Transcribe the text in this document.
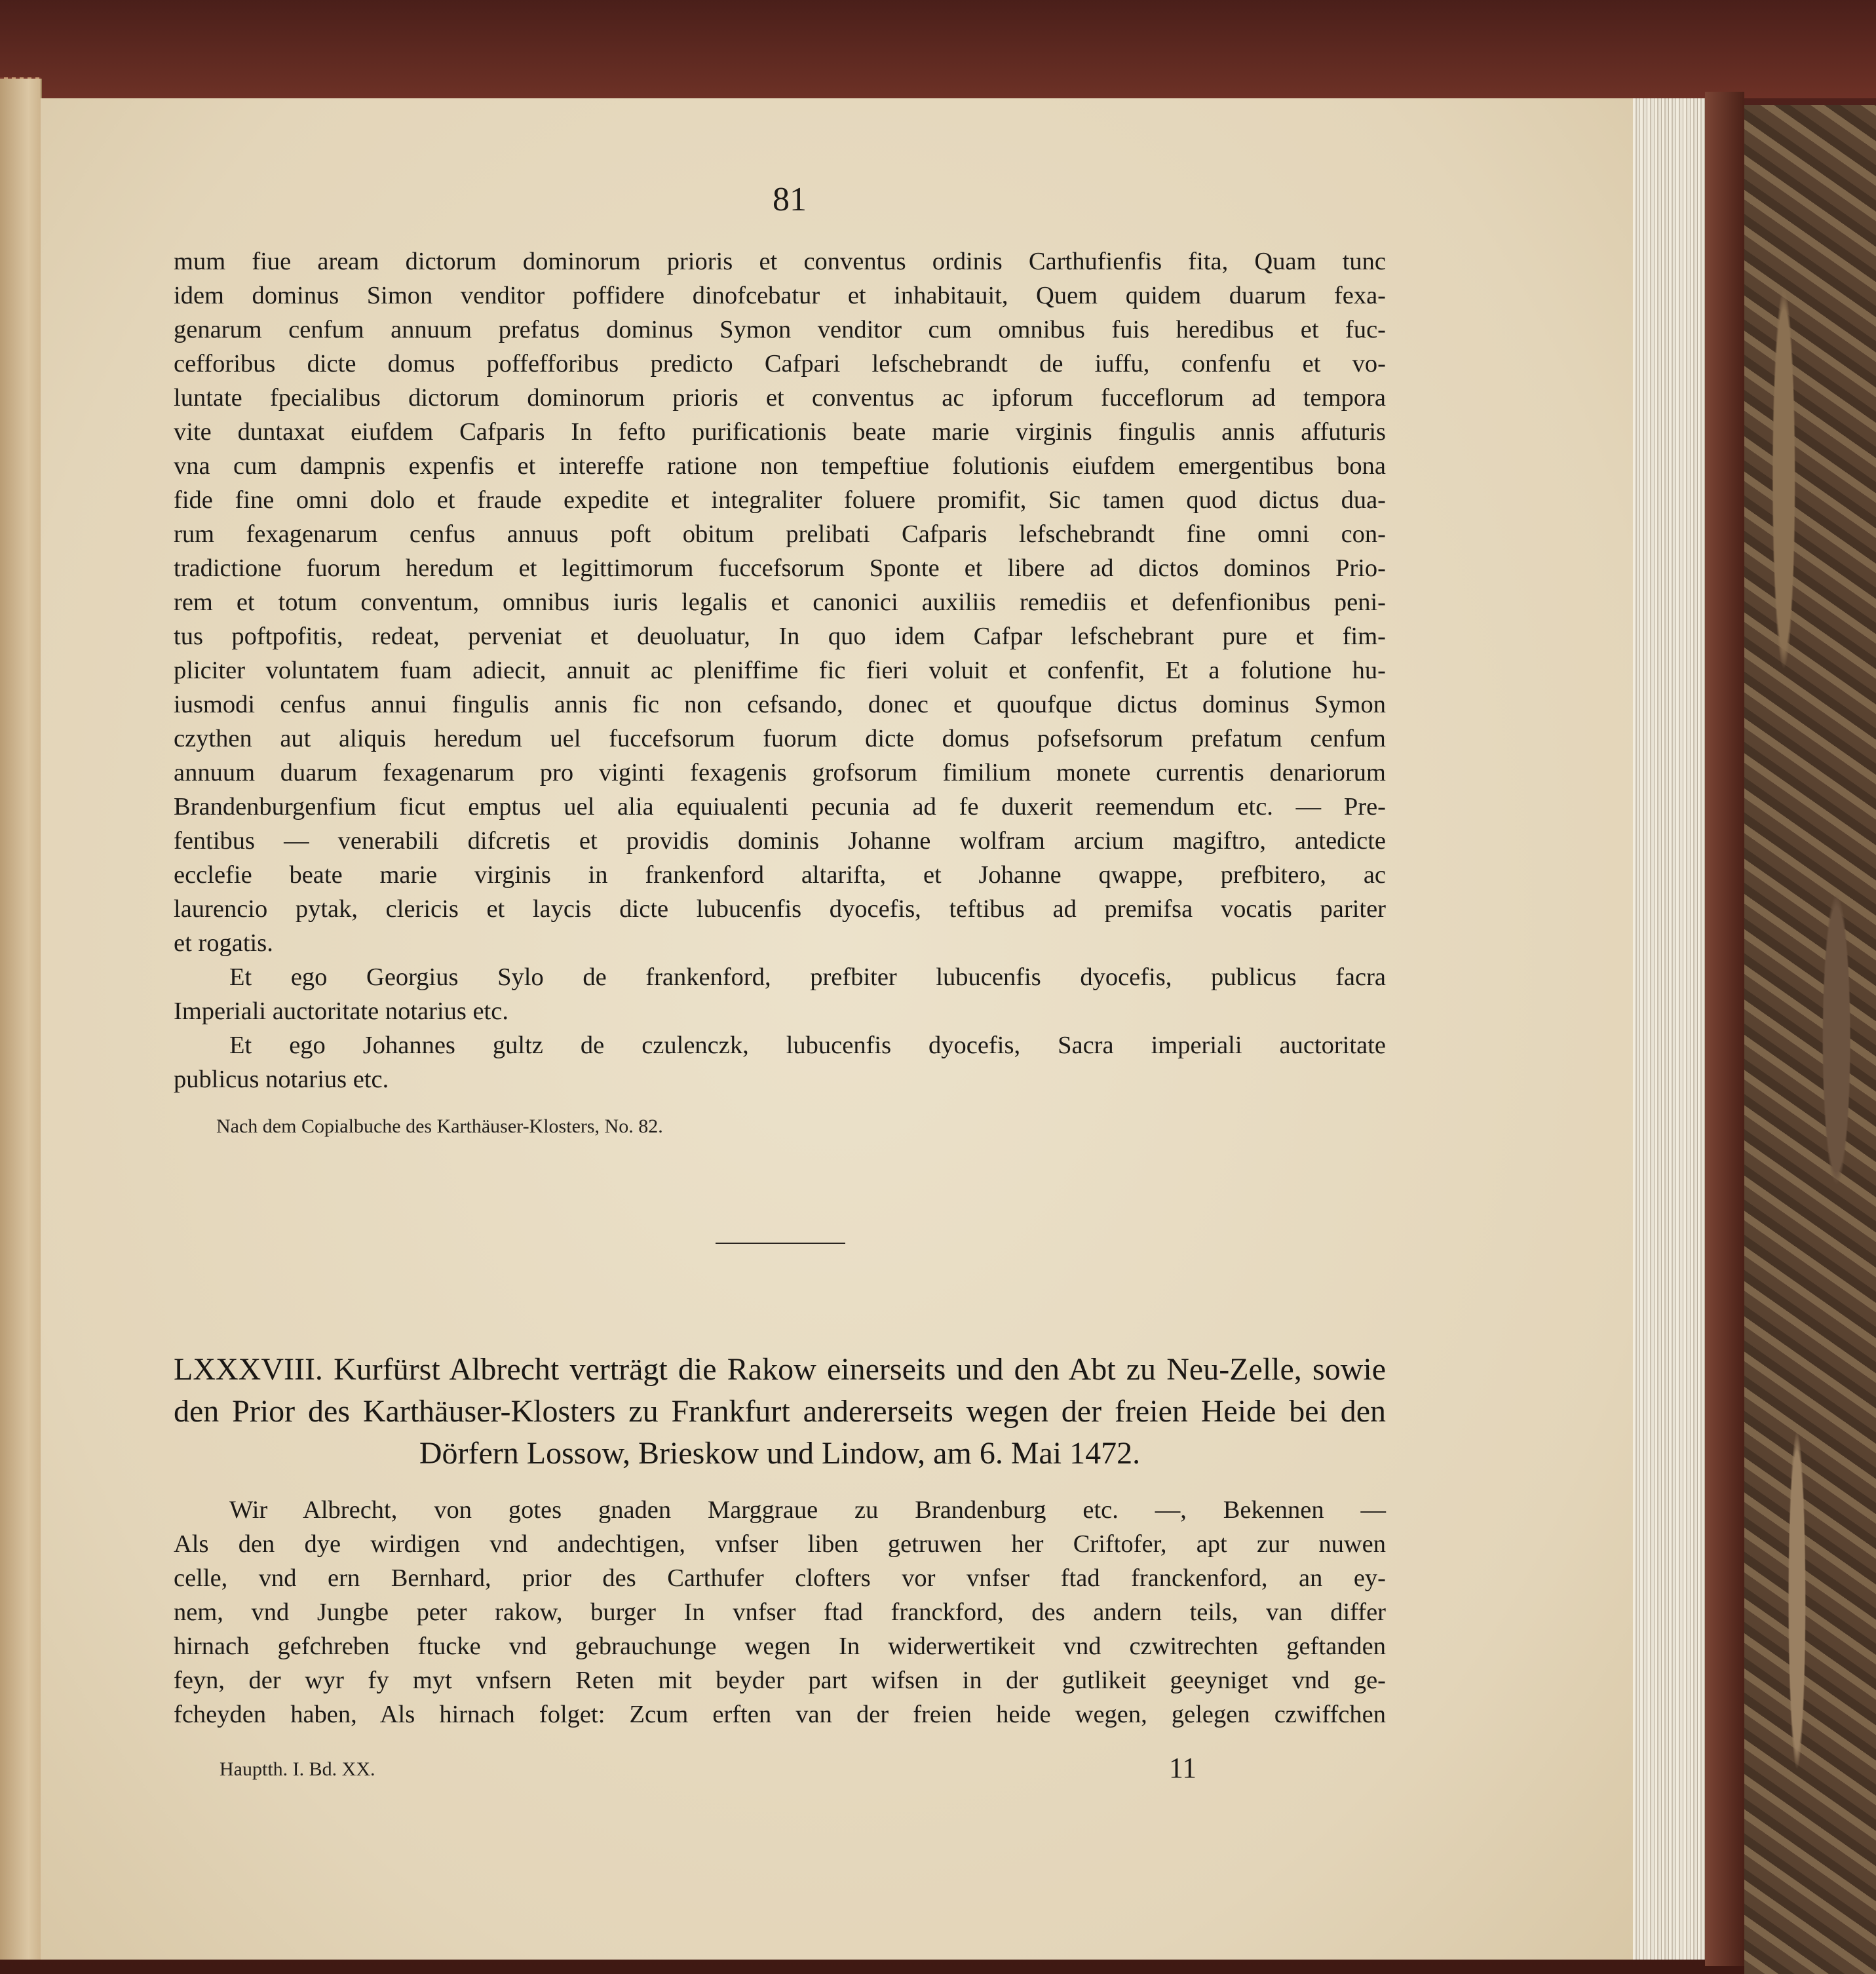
81
mum fiue aream dictorum dominorum prioris et conventus ordinis Carthufienfis fita, Quam tunc
idem dominus Simon venditor poffidere dinofcebatur et inhabitauit, Quem quidem duarum fexa-
genarum cenfum annuum prefatus dominus Symon venditor cum omnibus fuis heredibus et fuc-
cefforibus dicte domus poffefforibus predicto Cafpari lefschebrandt de iuffu, confenfu et vo-
luntate fpecialibus dictorum dominorum prioris et conventus ac ipforum fucceflorum ad tempora
vite duntaxat eiufdem Cafparis In fefto purificationis beate marie virginis fingulis annis affuturis
vna cum dampnis expenfis et intereffe ratione non tempeftiue folutionis eiufdem emergentibus bona
fide fine omni dolo et fraude expedite et integraliter foluere promifit, Sic tamen quod dictus dua-
rum fexagenarum cenfus annuus poft obitum prelibati Cafparis lefschebrandt fine omni con-
tradictione fuorum heredum et legittimorum fuccefsorum Sponte et libere ad dictos dominos Prio-
rem et totum conventum, omnibus iuris legalis et canonici auxiliis remediis et defenfionibus peni-
tus poftpofitis, redeat, perveniat et deuoluatur, In quo idem Cafpar lefschebrant pure et fim-
pliciter voluntatem fuam adiecit, annuit ac pleniffime fic fieri voluit et confenfit, Et a folutione hu-
iusmodi cenfus annui fingulis annis fic non cefsando, donec et quoufque dictus dominus Symon
czythen aut aliquis heredum uel fuccefsorum fuorum dicte domus pofsefsorum prefatum cenfum
annuum duarum fexagenarum pro viginti fexagenis grofsorum fimilium monete currentis denariorum
Brandenburgenfium ficut emptus uel alia equiualenti pecunia ad fe duxerit reemendum etc. — Pre-
fentibus — venerabili difcretis et providis dominis Johanne wolfram arcium magiftro, antedicte
ecclefie beate marie virginis in frankenford altarifta, et Johanne qwappe, prefbitero, ac
laurencio pytak, clericis et laycis dicte lubucenfis dyocefis, teftibus ad premifsa vocatis pariter
et rogatis.
Et ego Georgius Sylo de frankenford, prefbiter lubucenfis dyocefis, publicus facra
Imperiali auctoritate notarius etc.
Et ego Johannes gultz de czulenczk, lubucenfis dyocefis, Sacra imperiali auctoritate
publicus notarius etc.
Nach dem Copialbuche des Karthäuser-Klosters, No. 82.
LXXXVIII. Kurfürst Albrecht verträgt die Rakow einerseits und den Abt zu Neu-Zelle, sowie
den Prior des Karthäuser-Klosters zu Frankfurt andererseits wegen der freien Heide bei den
Dörfern Lossow, Brieskow und Lindow, am 6. Mai 1472.
Wir Albrecht, von gotes gnaden Marggraue zu Brandenburg etc. —, Bekennen —
Als den dye wirdigen vnd andechtigen, vnfser liben getruwen her Criftofer, apt zur nuwen
celle, vnd ern Bernhard, prior des Carthufer clofters vor vnfser ftad franckenford, an ey-
nem, vnd Jungbe peter rakow, burger In vnfser ftad franckford, des andern teils, van differ
hirnach gefchreben ftucke vnd gebrauchunge wegen In widerwertikeit vnd czwitrechten geftanden
feyn, der wyr fy myt vnfsern Reten mit beyder part wifsen in der gutlikeit geeyniget vnd ge-
fcheyden haben, Als hirnach folget: Zcum erften van der freien heide wegen, gelegen czwiffchen
Hauptth. I. Bd. XX.	11
